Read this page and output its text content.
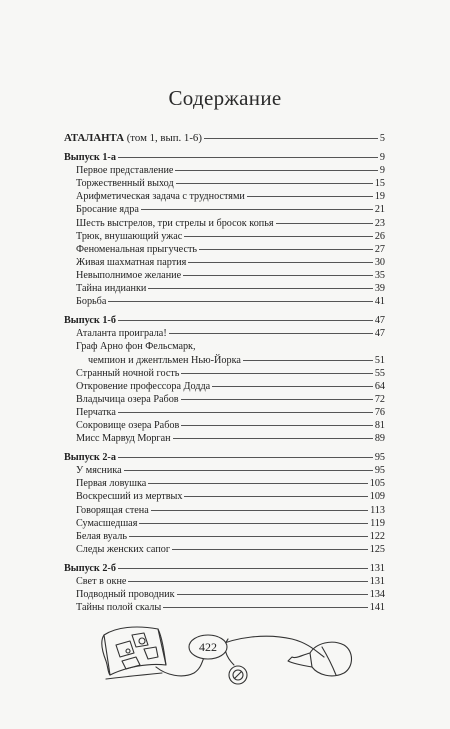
Содержание
АТАЛАНТА (том 1, вып. 1-6)	5
Выпуск 1-а	9
Первое представление	9
Торжественный выход	15
Арифметическая задача с трудностями	19
Бросание ядра	21
Шесть выстрелов, три стрелы и бросок копья	23
Трюк, внушающий ужас	26
Феноменальная прыгучесть	27
Живая шахматная партия	30
Невыполнимое желание	35
Тайна индианки	39
Борьба	41
Выпуск 1-б	47
Аталанта проиграла!	47
Граф Арно фон Фельсмарк,
чемпион и джентльмен Нью-Йорка	51
Странный ночной гость	55
Откровение профессора Додда	64
Владычица озера Рабов	72
Перчатка	76
Сокровище озера Рабов	81
Мисс Марвуд Морган	89
Выпуск 2-а	95
У мясника	95
Первая ловушка	105
Воскресший из мертвых	109
Говорящая стена	113
Сумасшедшая	119
Белая вуаль	122
Следы женских сапог	125
Выпуск 2-б	131
Свет в окне	131
Подводный проводник	134
Тайны полой скалы	141
422
